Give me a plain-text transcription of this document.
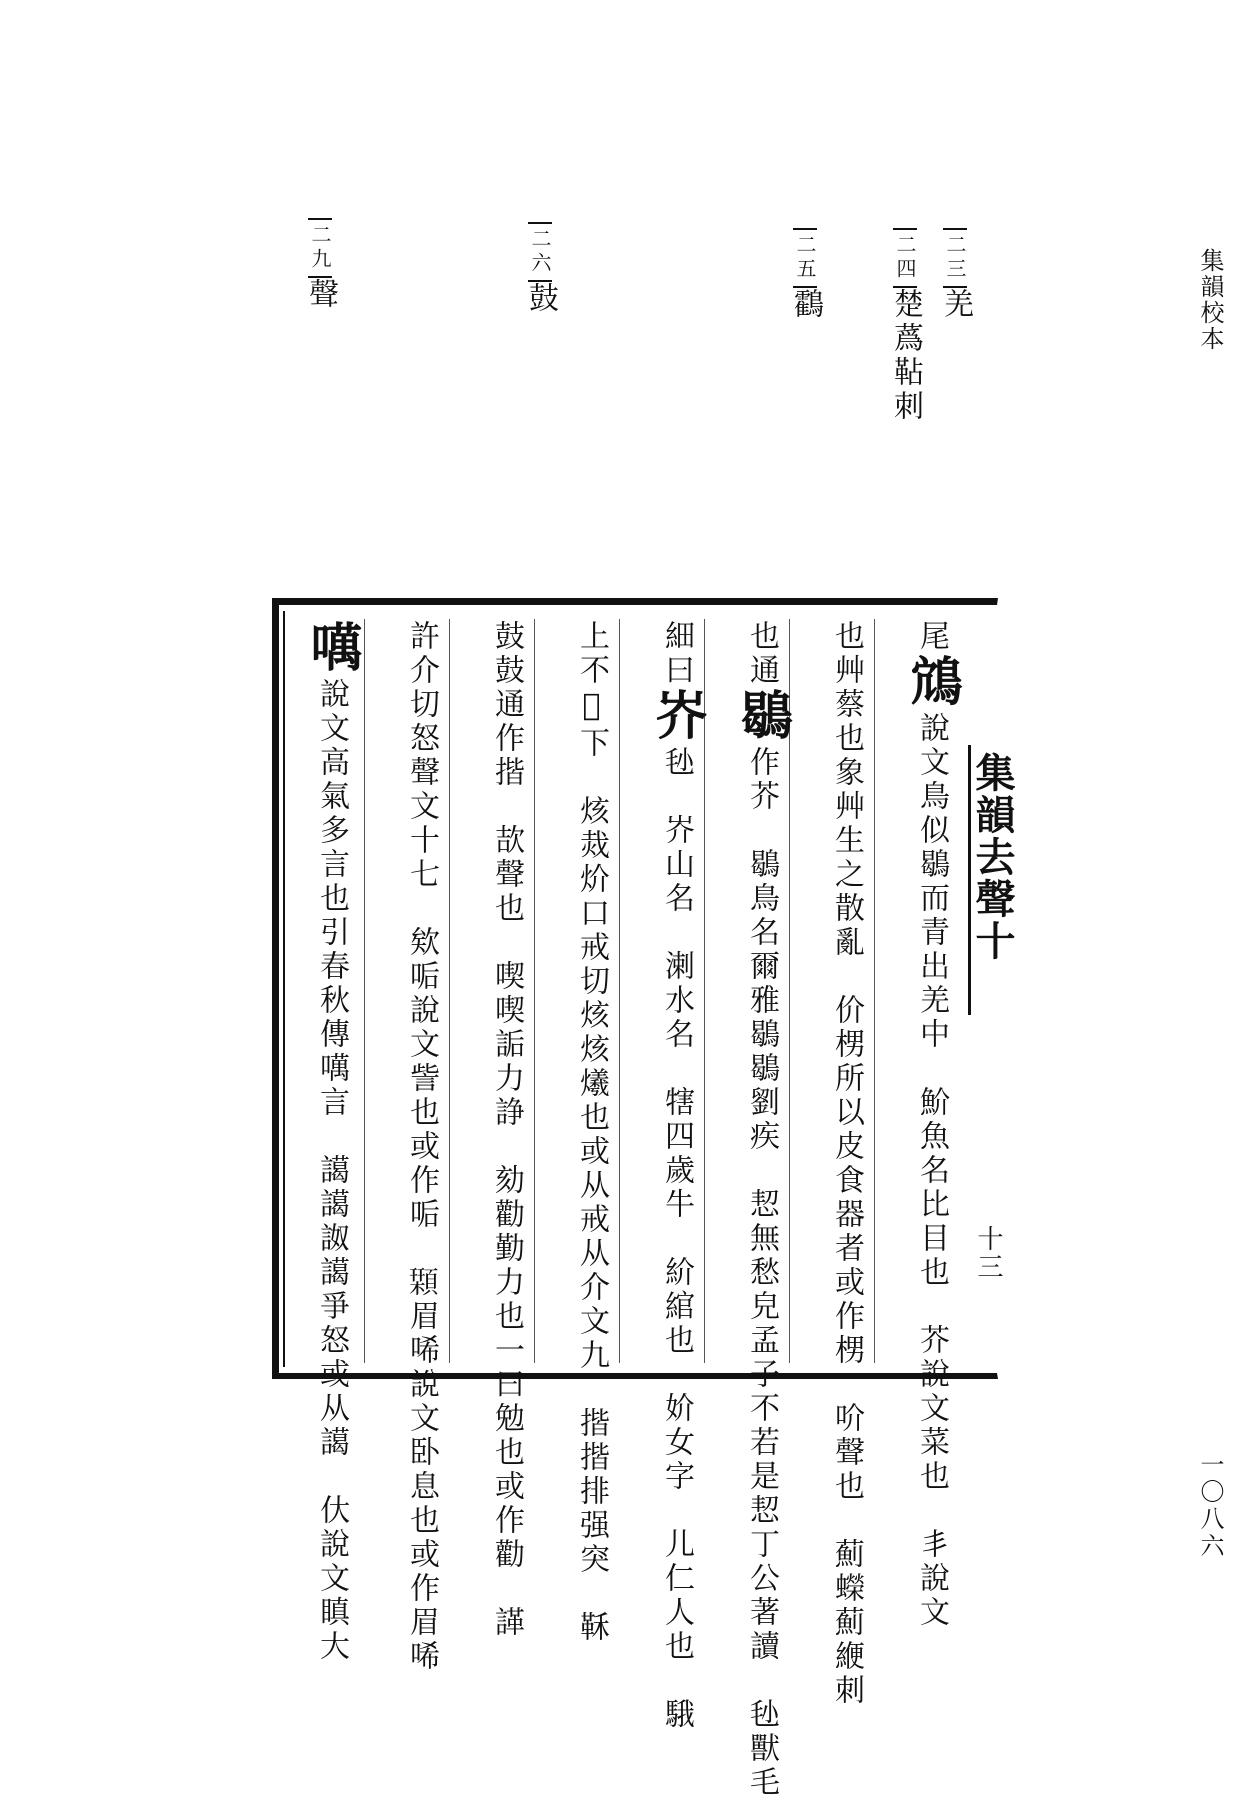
集韻校本
一〇八六
二三羌
二四楚蔿䩞刺
二五鸖
二六鼓
二九聲
集韻去聲十
十三
尾鴧說文鳥似鶡而青出羌中　魪魚名比目也　芥說文菜也　丯說文
也艸蔡也象艸生之散亂　价㭷所以皮食器者或作㭷　吤聲也　薊蠑薊緶刺
也通鶡作芥　鶡鳥名爾雅鶡鶡劉疾　恝無愁皃孟子不若是恝丁公著讀　毜獸毛
細曰岕毜　岕山名　溂水名　犗四歲牛　紒綰也　妎女字　儿仁人也　騀
上不𥌒下　烗烖炌口戒切烗烗爔也或从戒从介文九　揩揩排强突　鞂
鼓鼓通作揩　欯聲也　喫喫詬力諍　劾勸勤力也一曰勉也或作勸　諽
許介切怒聲文十七　欸㖃說文訾也或作㖃　𩔛眉唏說文卧息也或作眉唏
噧說文高氣多言也引春秋傳噧言　譪譪詉譪爭怒或从譪　㐲說文瞋大
